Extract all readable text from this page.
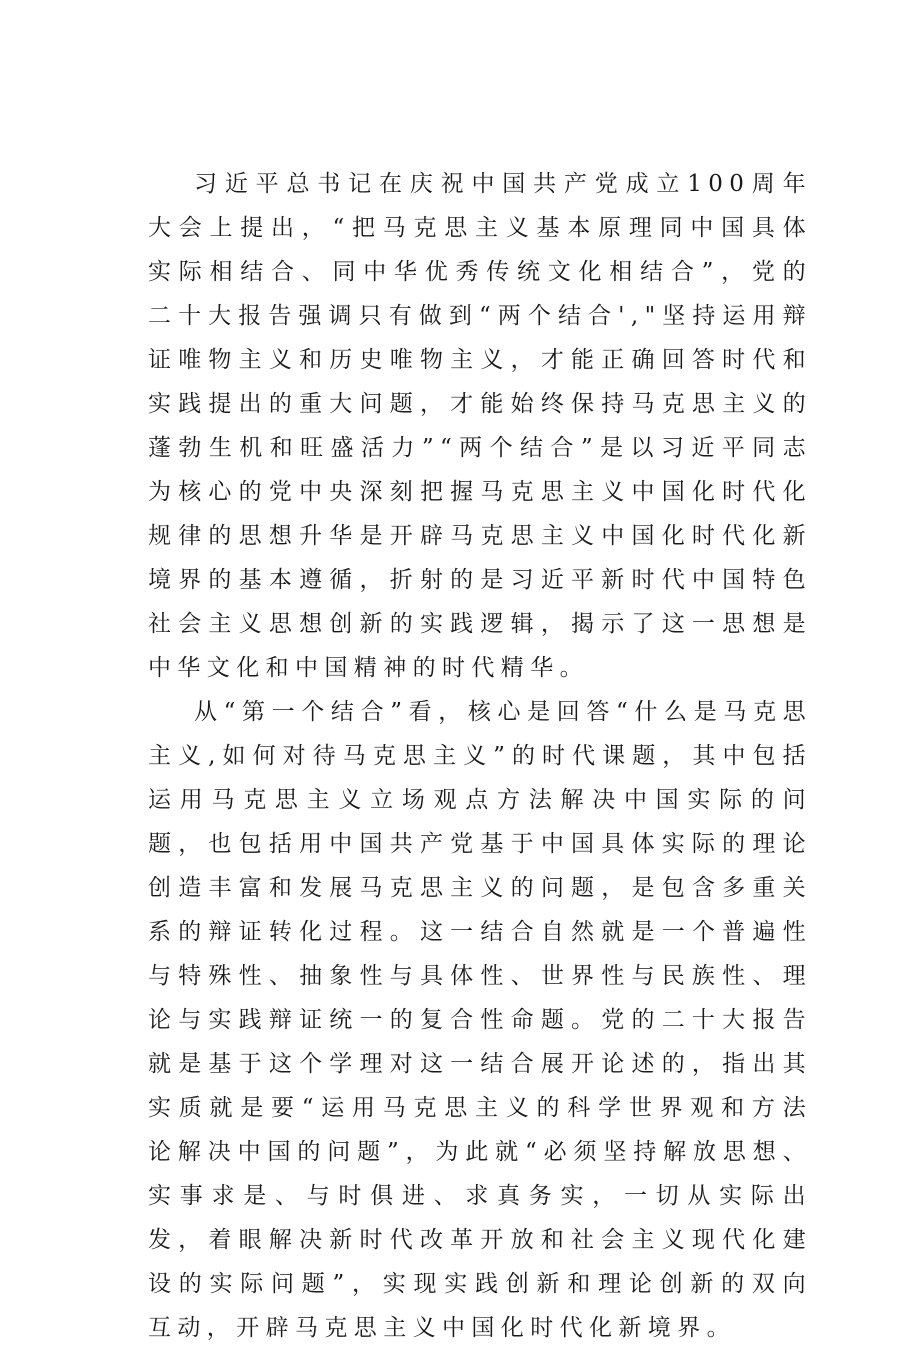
习近平总书记在庆祝中国共产党成立100周年大会上提出，“把马克思主义基本原理同中国具体实际相结合、同中华优秀传统文化相结合”，党的二十大报告强调只有做到“两个结合',"坚持运用辩证唯物主义和历史唯物主义，才能正确回答时代和实践提出的重大问题，才能始终保持马克思主义的蓬勃生机和旺盛活力”“两个结合”是以习近平同志为核心的党中央深刻把握马克思主义中国化时代化规律的思想升华是开辟马克思主义中国化时代化新境界的基本遵循，折射的是习近平新时代中国特色社会主义思想创新的实践逻辑，揭示了这一思想是中华文化和中国精神的时代精华。

从“第一个结合”看，核心是回答“什么是马克思主义,如何对待马克思主义”的时代课题，其中包括运用马克思主义立场观点方法解决中国实际的问题，也包括用中国共产党基于中国具体实际的理论创造丰富和发展马克思主义的问题，是包含多重关系的辩证转化过程。这一结合自然就是一个普遍性与特殊性、抽象性与具体性、世界性与民族性、理论与实践辩证统一的复合性命题。党的二十大报告就是基于这个学理对这一结合展开论述的，指出其实质就是要“运用马克思主义的科学世界观和方法论解决中国的问题”，为此就“必须坚持解放思想、实事求是、与时俱进、求真务实，一切从实际出发，着眼解决新时代改革开放和社会主义现代化建设的实际问题”，实现实践创新和理论创新的双向互动，开辟马克思主义中国化时代化新境界。
